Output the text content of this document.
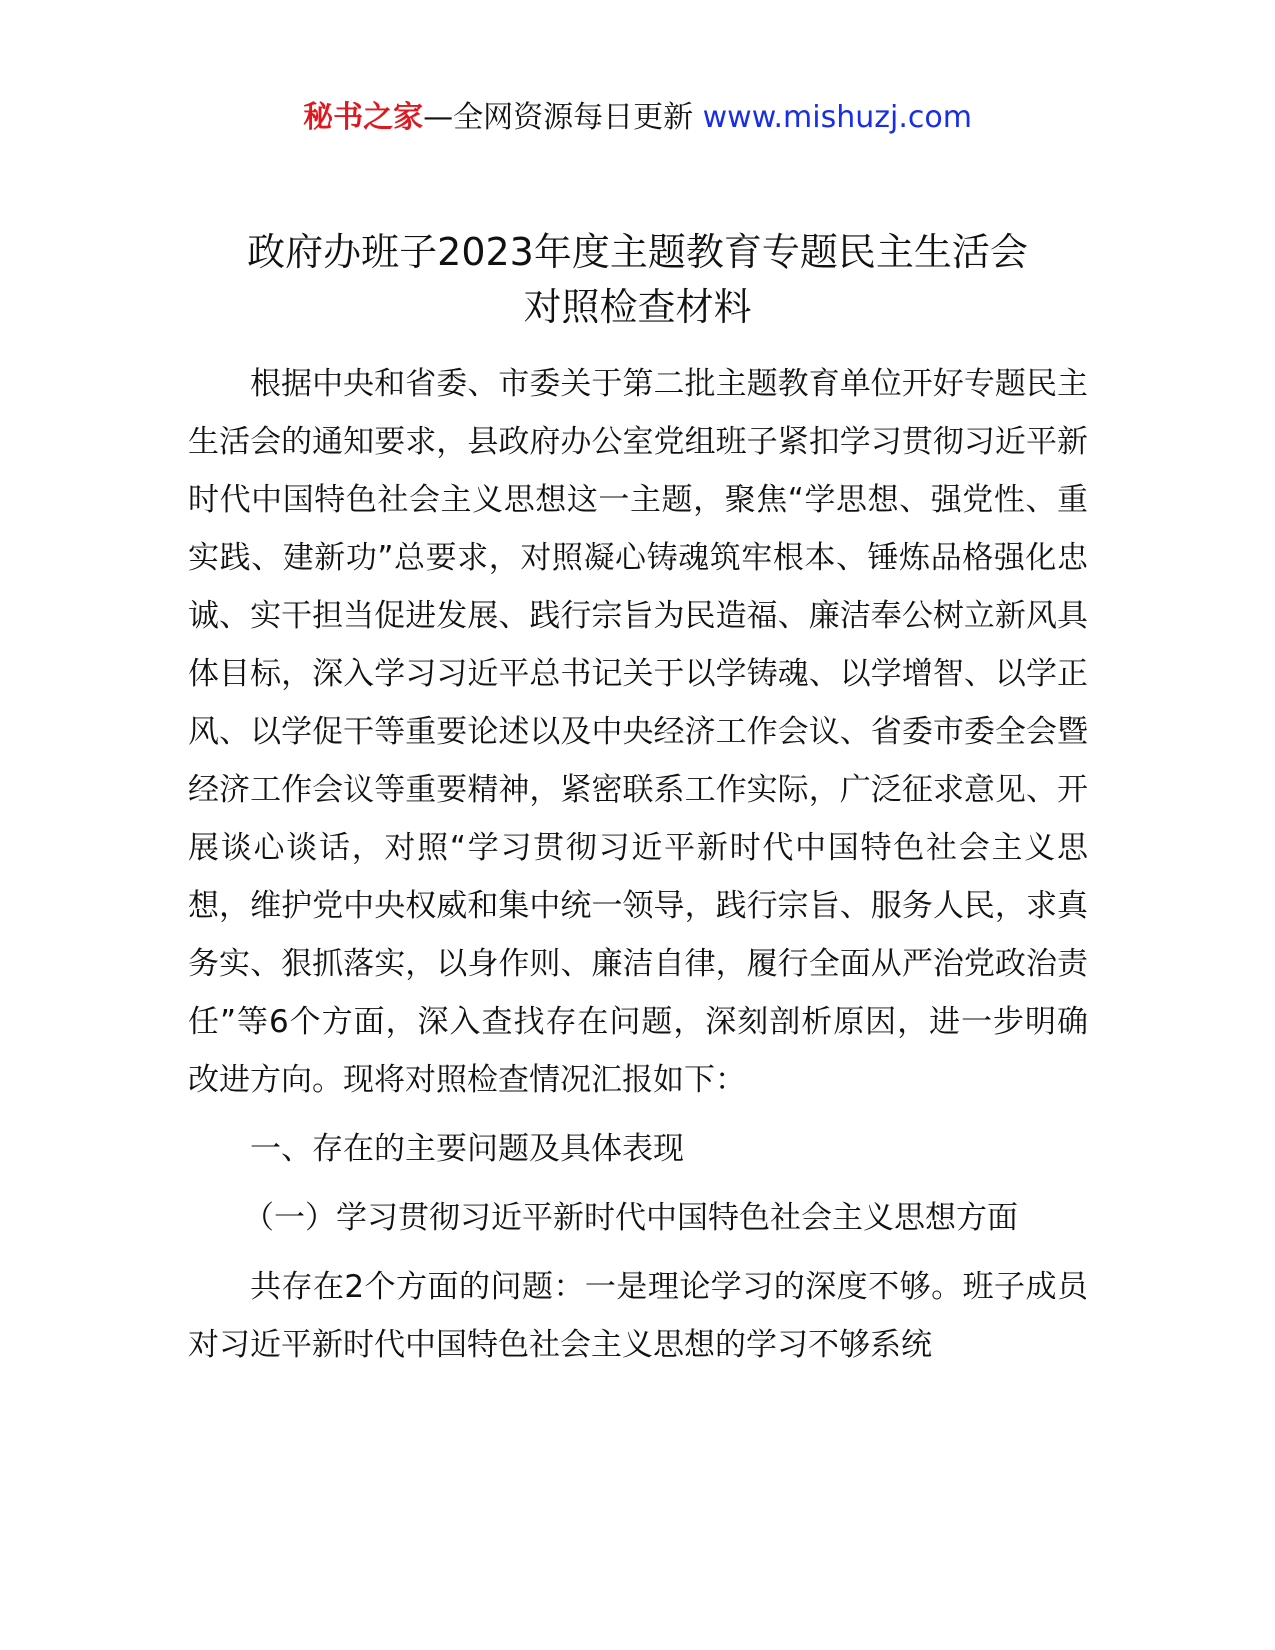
秘书之家—全网资源每日更新 www.mishuzj.com
政府办班子2023年度主题教育专题民主生活会
对照检查材料

根据中央和省委、市委关于第二批主题教育单位开好专题民主生活会的通知要求，县政府办公室党组班子紧扣学习贯彻习近平新时代中国特色社会主义思想这一主题，聚焦“学思想、强党性、重实践、建新功”总要求，对照凝心铸魂筑牢根本、锤炼品格强化忠诚、实干担当促进发展、践行宗旨为民造福、廉洁奉公树立新风具体目标，深入学习习近平总书记关于以学铸魂、以学增智、以学正风、以学促干等重要论述以及中央经济工作会议、省委市委全会暨经济工作会议等重要精神，紧密联系工作实际，广泛征求意见、开展谈心谈话，对照“学习贯彻习近平新时代中国特色社会主义思想，维护党中央权威和集中统一领导，践行宗旨、服务人民，求真务实、狠抓落实，以身作则、廉洁自律，履行全面从严治党政治责任”等6个方面，深入查找存在问题，深刻剖析原因，进一步明确改进方向。现将对照检查情况汇报如下：

一、存在的主要问题及具体表现

（一）学习贯彻习近平新时代中国特色社会主义思想方面

共存在2个方面的问题：一是理论学习的深度不够。班子成员对习近平新时代中国特色社会主义思想的学习不够系统
